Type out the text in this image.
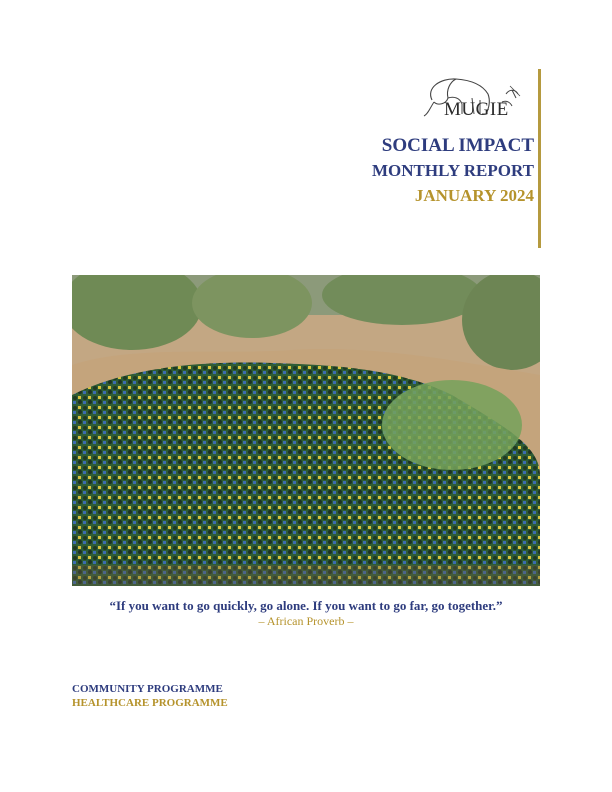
MUGIE
SOCIAL IMPACT
MONTHLY REPORT
JANUARY 2024
“If you want to go quickly, go alone. If you want to go far, go together.”
– African Proverb –
COMMUNITY PROGRAMME
HEALTHCARE PROGRAMME
